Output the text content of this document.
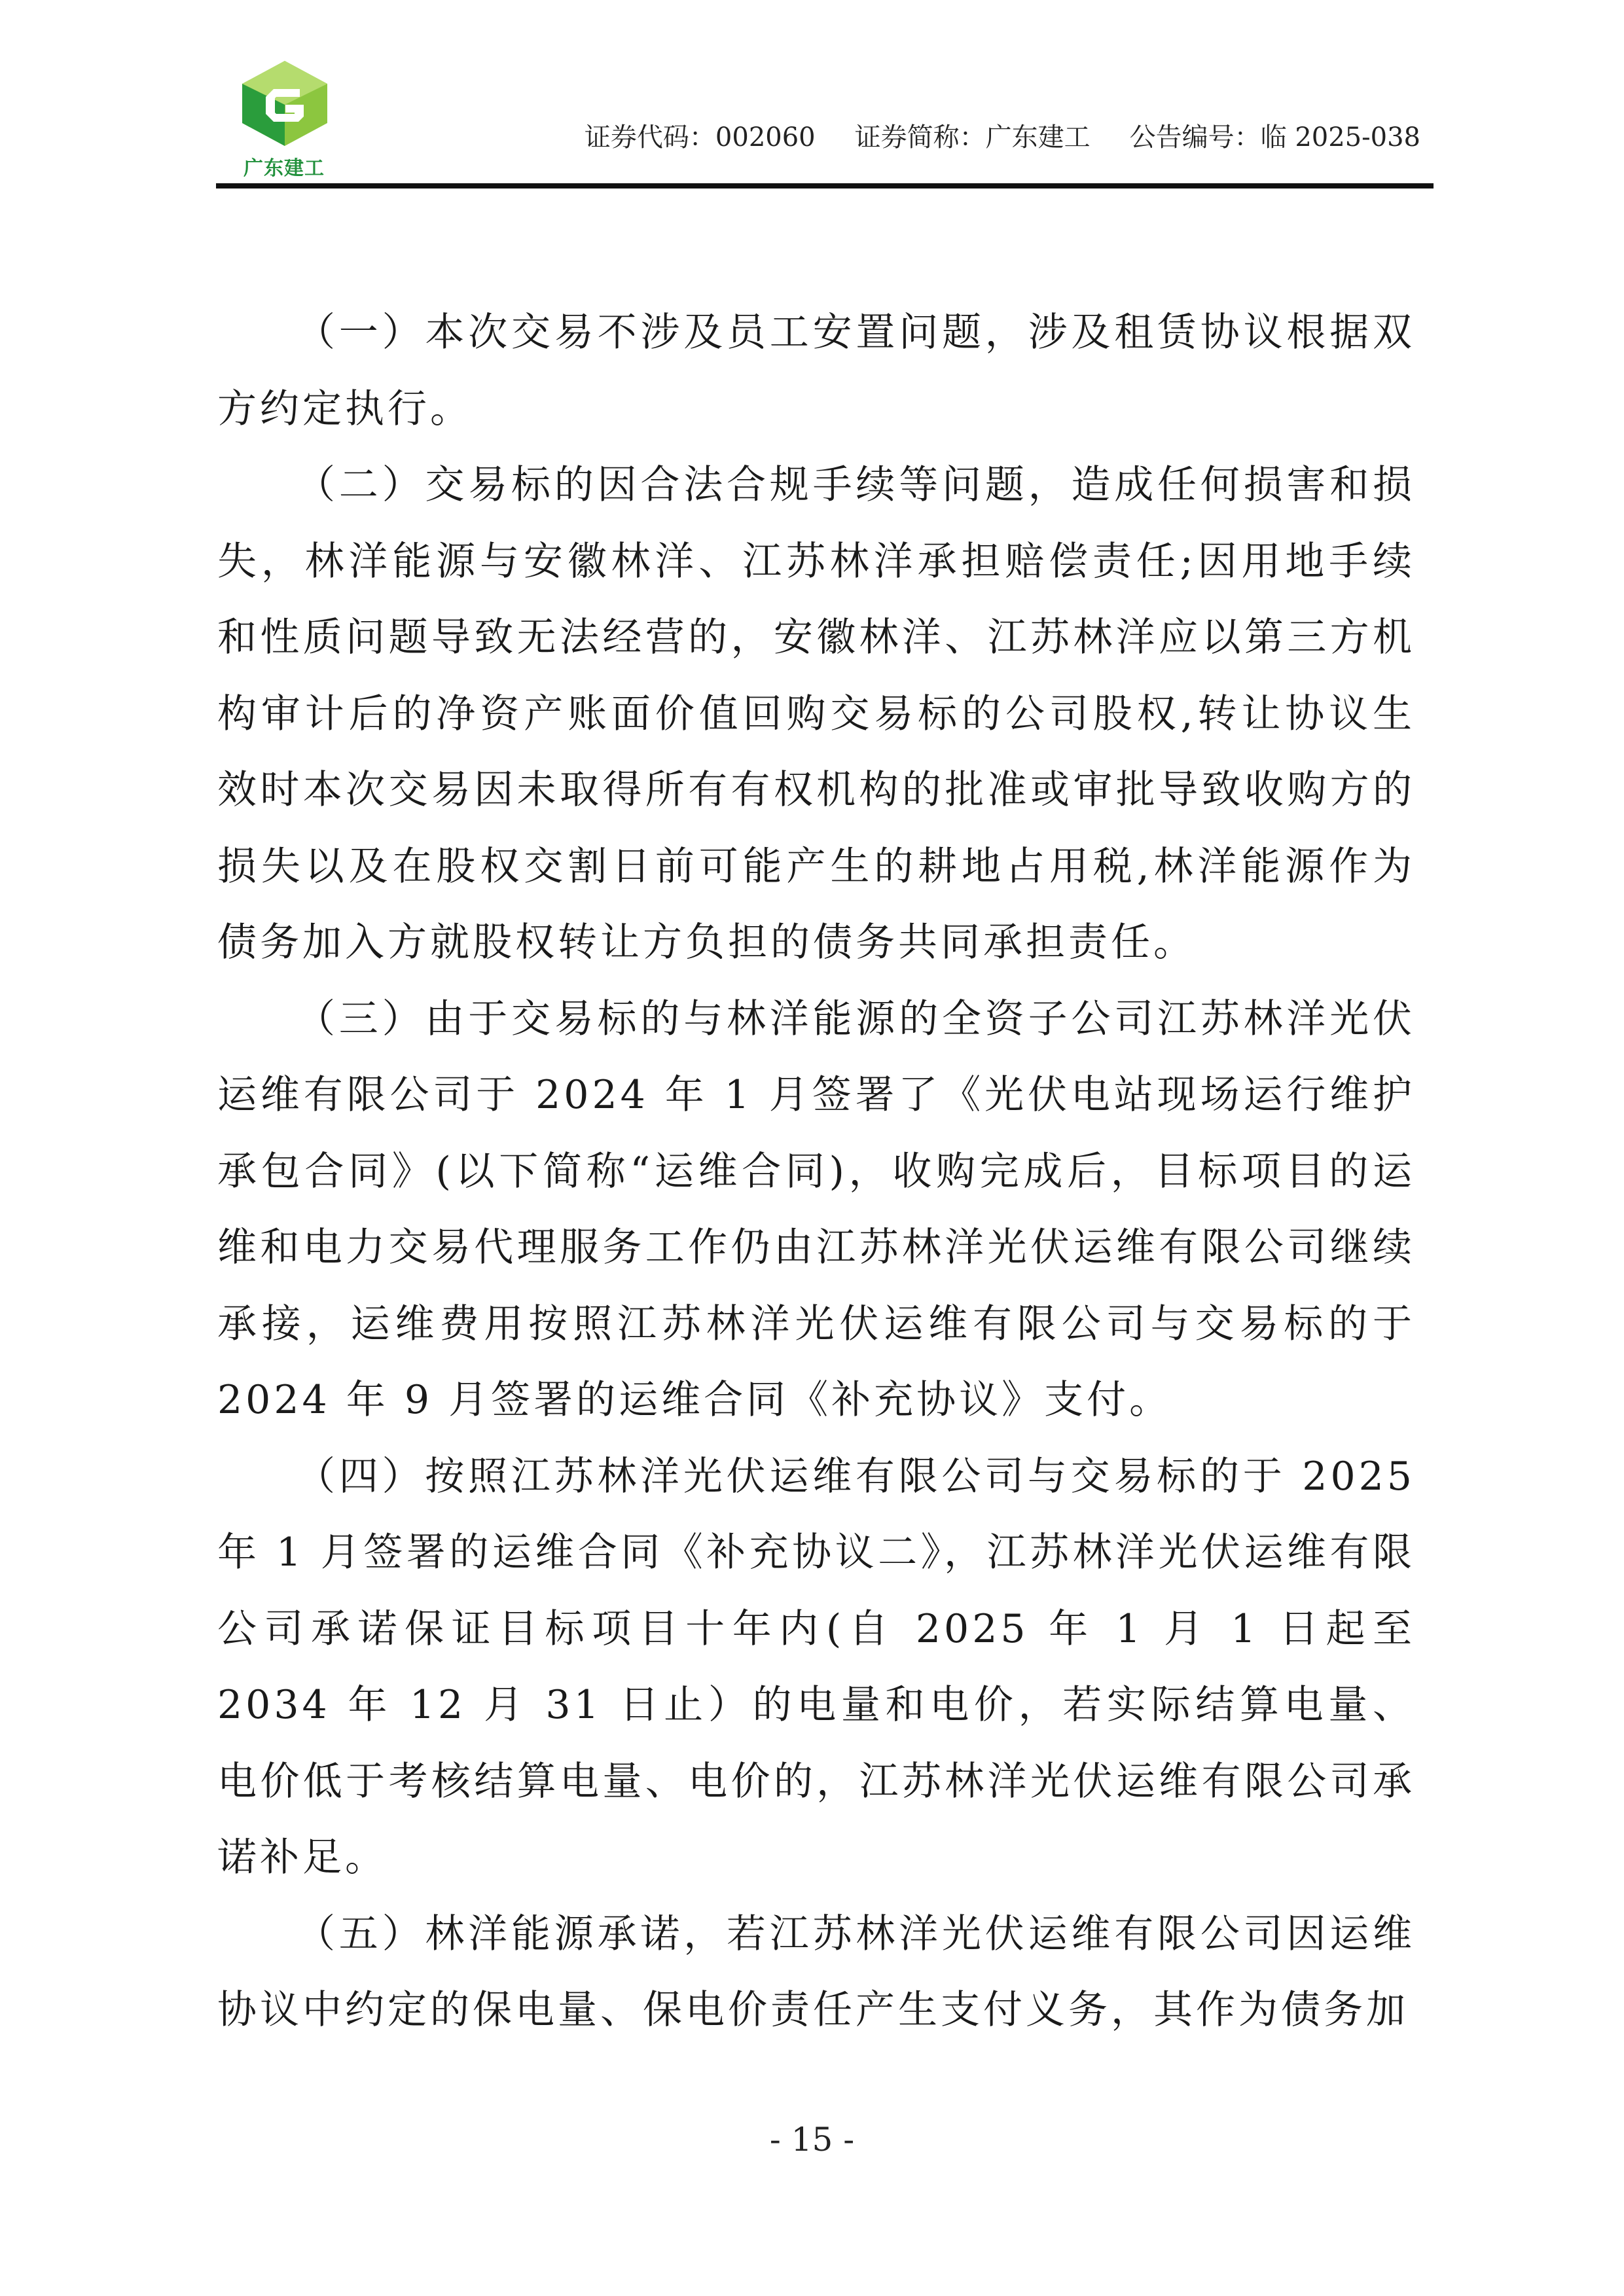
广东建工
证券代码：002060 证券简称：广东建工 公告编号：临 2025-038

（一）本次交易不涉及员工安置问题，涉及租赁协议根据双方约定执行。

（二）交易标的因合法合规手续等问题，造成任何损害和损失，林洋能源与安徽林洋、江苏林洋承担赔偿责任;因用地手续和性质问题导致无法经营的，安徽林洋、江苏林洋应以第三方机构审计后的净资产账面价值回购交易标的公司股权,转让协议生效时本次交易因未取得所有有权机构的批准或审批导致收购方的损失以及在股权交割日前可能产生的耕地占用税,林洋能源作为债务加入方就股权转让方负担的债务共同承担责任。

（三）由于交易标的与林洋能源的全资子公司江苏林洋光伏运维有限公司于 2024 年 1 月签署了《光伏电站现场运行维护承包合同》(以下简称“运维合同)，收购完成后，目标项目的运维和电力交易代理服务工作仍由江苏林洋光伏运维有限公司继续承接，运维费用按照江苏林洋光伏运维有限公司与交易标的于2024 年 9 月签署的运维合同《补充协议》支付。

（四）按照江苏林洋光伏运维有限公司与交易标的于 2025 年 1 月签署的运维合同《补充协议二》，江苏林洋光伏运维有限公司承诺保证目标项目十年内(自 2025 年 1 月 1 日起至 2034 年 12 月 31 日止）的电量和电价，若实际结算电量、电价低于考核结算电量、电价的，江苏林洋光伏运维有限公司承诺补足。

（五）林洋能源承诺，若江苏林洋光伏运维有限公司因运维协议中约定的保电量、保电价责任产生支付义务，其作为债务加

- 15 -
